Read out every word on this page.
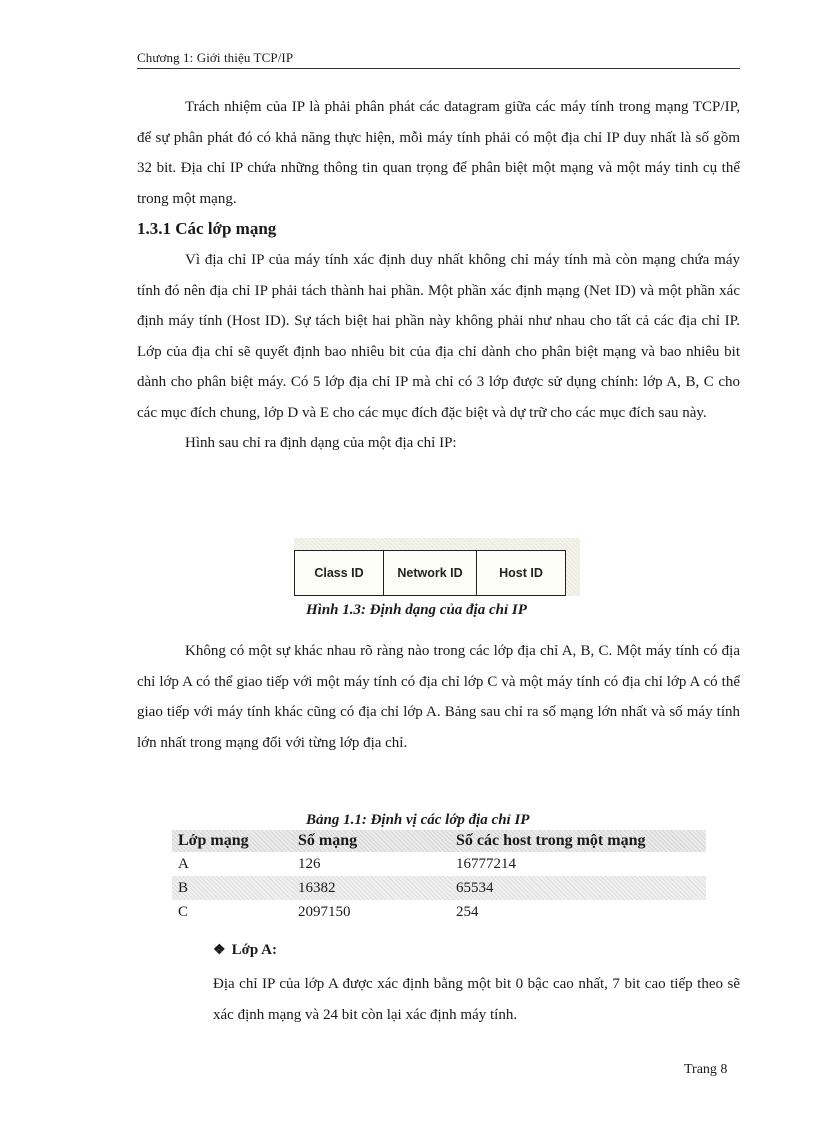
Chương 1: Giới thiệu TCP/IP

Trách nhiệm của IP là phải phân phát các datagram giữa các máy tính trong mạng TCP/IP, để sự phân phát đó có khả năng thực hiện, mỗi máy tính phải có một địa chỉ IP duy nhất là số gồm 32 bit. Địa chỉ IP chứa những thông tin quan trọng để phân biệt một mạng và một máy tinh cụ thể trong một mạng.

1.3.1 Các lớp mạng

Vì địa chỉ IP của máy tính xác định duy nhất không chỉ máy tính mà còn mạng chứa máy tính đó nên địa chỉ IP phải tách thành hai phần. Một phần xác định mạng (Net ID) và một phần xác định máy tính (Host ID). Sự tách biệt hai phần này không phải như nhau cho tất cả các địa chỉ IP. Lớp của địa chỉ sẽ quyết định bao nhiêu bit của địa chỉ dành cho phân biệt mạng và bao nhiêu bit dành cho phân biệt máy. Có 5 lớp địa chỉ IP mà chỉ có 3 lớp được sử dụng chính: lớp A, B, C cho các mục đích chung, lớp D và E cho các mục đích đặc biệt và dự trữ cho các mục đích sau này.

Hình sau chỉ ra định dạng của một địa chỉ IP:

Class ID	Network ID	Host ID
Hình 1.3: Định dạng của địa chỉ IP

Không có một sự khác nhau rõ ràng nào trong các lớp địa chỉ A, B, C. Một máy tính có địa chỉ lớp A có thể giao tiếp với một máy tính có địa chỉ lớp C và một máy tính có địa chỉ lớp A có thể giao tiếp với máy tính khác cũng có địa chỉ lớp A. Bảng sau chỉ ra số mạng lớn nhất và số máy tính lớn nhất trong mạng đối với từng lớp địa chỉ.

Bảng 1.1: Định vị các lớp địa chỉ IP
Lớp mạng	Số mạng	Số các host trong một mạng
A	126	16777214
B	16382	65534
C	2097150	254
❖ Lớp A:

Địa chỉ IP của lớp A được xác định bằng một bit 0 bậc cao nhất, 7 bit cao tiếp theo sẽ xác định mạng và 24 bit còn lại xác định máy tính.

Trang 8
